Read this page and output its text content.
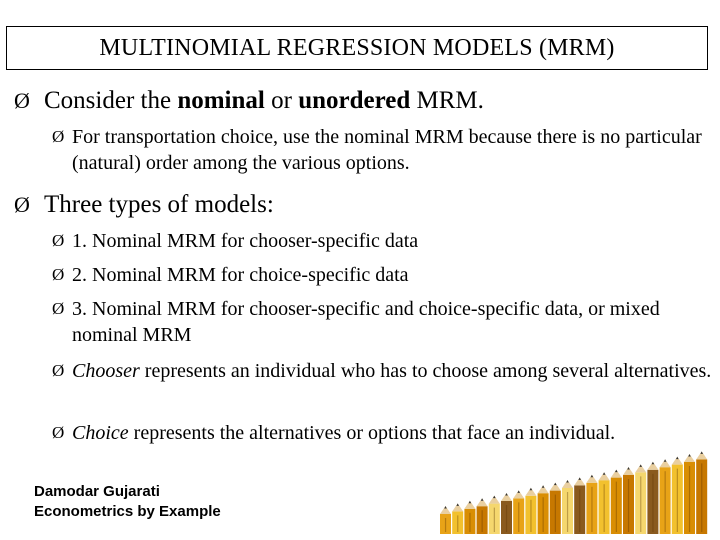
MULTINOMIAL REGRESSION MODELS (MRM)
Ø Consider the nominal or unordered MRM.
Ø For transportation choice, use the nominal MRM because there is no particular (natural) order among the various options.
Ø Three types of models:
Ø 1. Nominal MRM for chooser-specific data
Ø 2. Nominal MRM for choice-specific data
Ø 3. Nominal MRM for chooser-specific and choice-specific data, or mixed nominal MRM
Ø Chooser represents an individual who has to choose among several alternatives.
Ø Choice represents the alternatives or options that face an individual.
Damodar Gujarati
Econometrics by Example
